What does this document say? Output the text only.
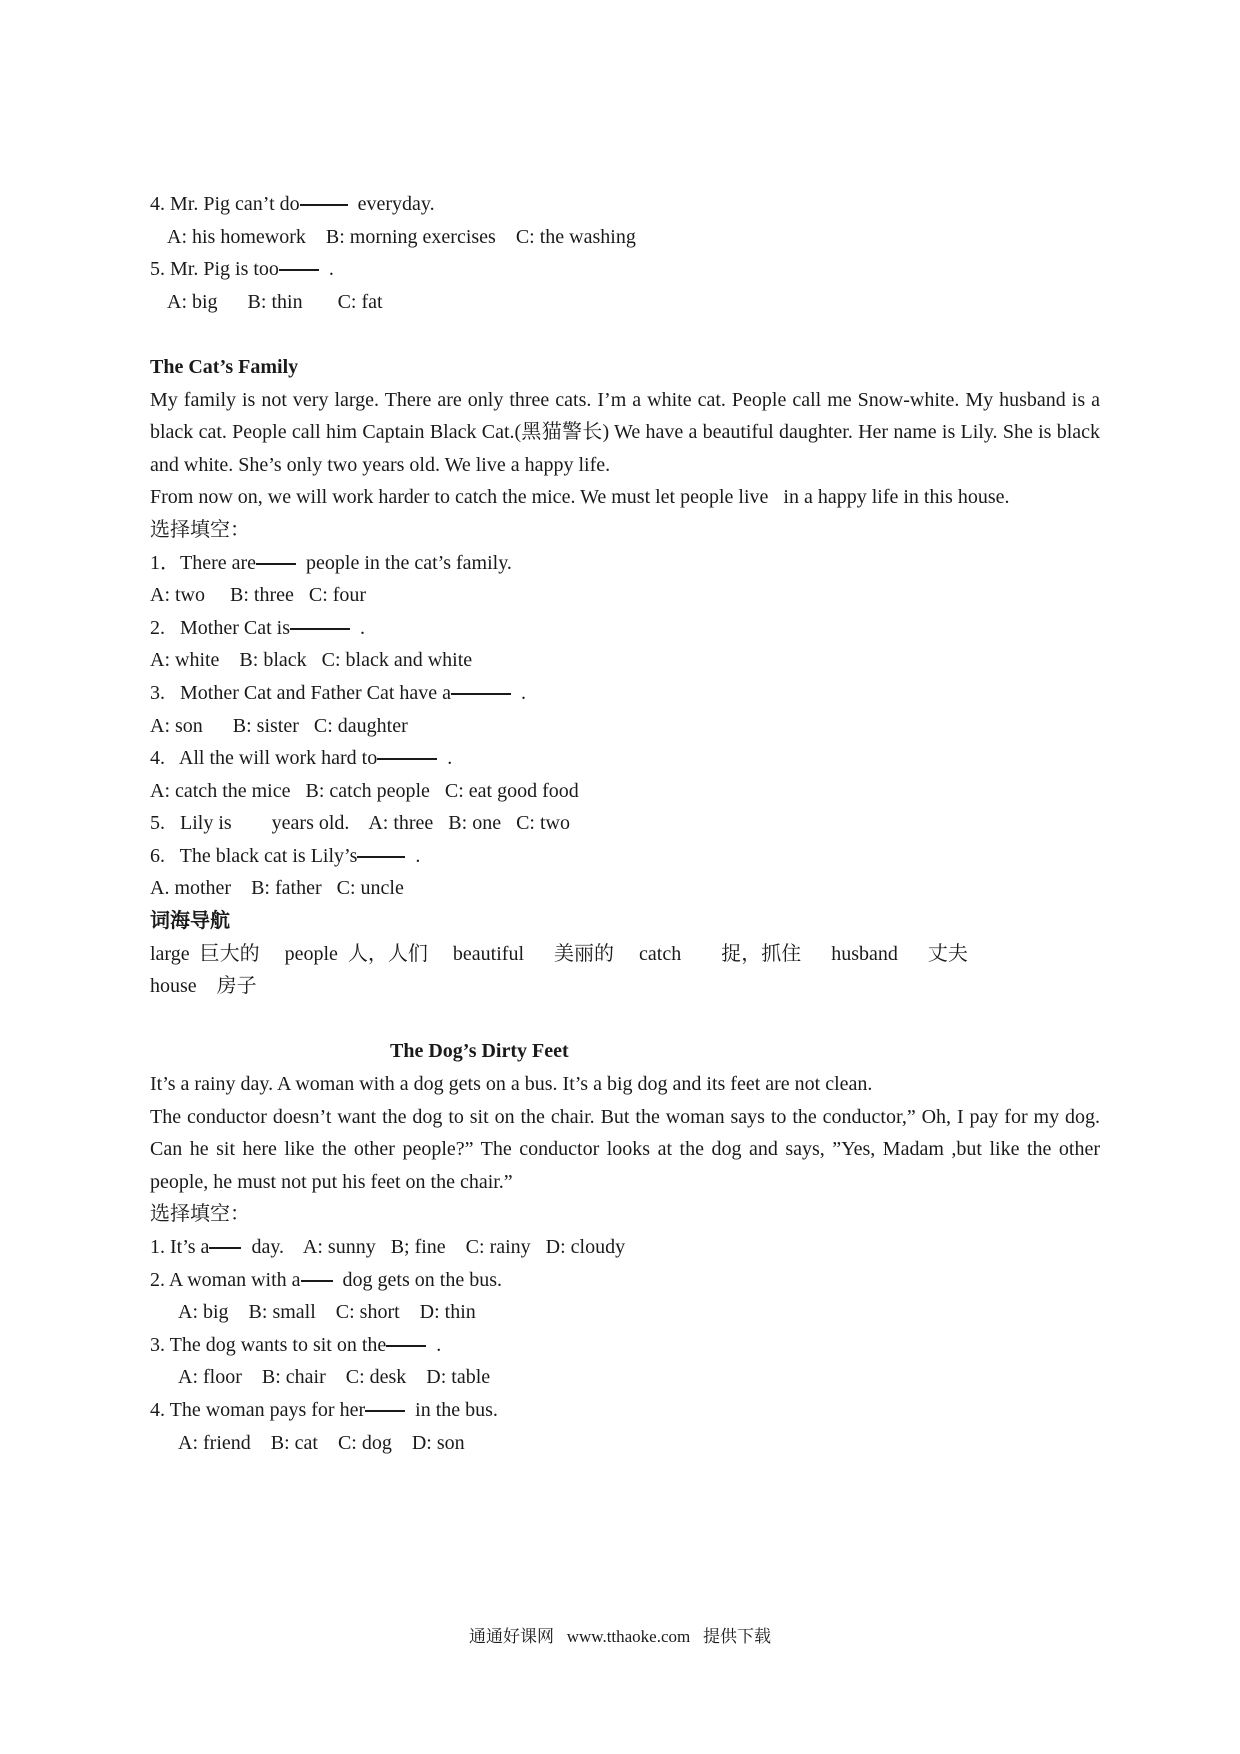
4. Mr. Pig can’t do	everyday.
A: his homework    B: morning exercises    C: the washing
5. Mr. Pig is too	.
A: big      B: thin       C: fat
The Cat’s Family
My family is not very large. There are only three cats. I’m a white cat. People call me Snow-white. My husband is a black cat. People call him Captain Black Cat.(黑猫警长) We have a beautiful daughter. Her name is Lily. She is black and white. She’s only two years old. We live a happy life.
From now on, we will work harder to catch the mice. We must let people live   in a happy life in this house.
选择填空：
1．There are	people in the cat’s family.
A: two     B: three   C: four
2.   Mother Cat is	.
A: white    B: black   C: black and white
3.   Mother Cat and Father Cat have a	.
A: son      B: sister   C: daughter
4.   All the will work hard to	.
A: catch the mice   B: catch people   C: eat good food
5.   Lily is        years old.    A: three   B: one   C: two
6.   The black cat is Lily’s	.
A. mother    B: father   C: uncle
词海导航
large  巨大的     people  人，人们     beautiful      美丽的     catch        捉，抓住      husband      丈夫
house    房子
The Dog’s Dirty Feet
It’s a rainy day. A woman with a dog gets on a bus. It’s a big dog and its feet are not clean.
The conductor doesn’t want the dog to sit on the chair. But the woman says to the conductor,” Oh, I pay for my dog. Can he sit here like the other people?” The conductor looks at the dog and says, ”Yes, Madam ,but like the other people, he must not put his feet on the chair.”
选择填空：
1. It’s a day.    A: sunny   B; fine    C: rainy   D: cloudy
2. A woman with a dog gets on the bus.
A: big    B: small    C: short    D: thin
3. The dog wants to sit on the	.
A: floor    B: chair    C: desk    D: table
4. The woman pays for her	in the bus.
A: friend    B: cat    C: dog    D: son
通通好课网   www.tthaoke.com   提供下载
